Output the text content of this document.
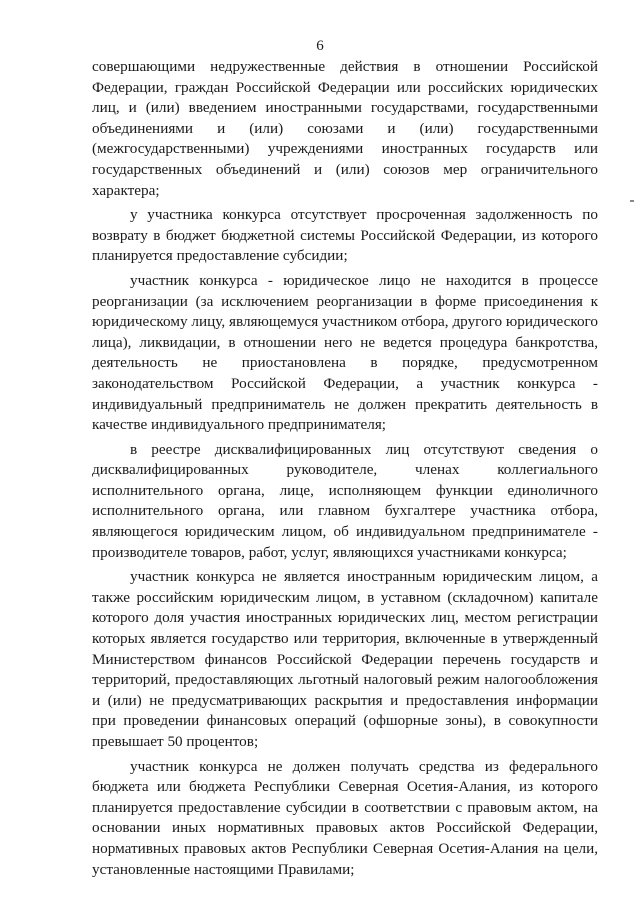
6

совершающими недружественные действия в отношении Российской Федерации, граждан Российской Федерации или российских юридических лиц, и (или) введением иностранными государствами, государственными объединениями и (или) союзами и (или) государственными (межгосударственными) учреждениями иностранных государств или государственных объединений и (или) союзов мер ограничительного характера;

у участника конкурса отсутствует просроченная задолженность по возврату в бюджет бюджетной системы Российской Федерации, из которого планируется предоставление субсидии;

участник конкурса - юридическое лицо не находится в процессе реорганизации (за исключением реорганизации в форме присоединения к юридическому лицу, являющемуся участником отбора, другого юридического лица), ликвидации, в отношении него не ведется процедура банкротства, деятельность не приостановлена в порядке, предусмотренном законодательством Российской Федерации, а участник конкурса - индивидуальный предприниматель не должен прекратить деятельность в качестве индивидуального предпринимателя;

в реестре дисквалифицированных лиц отсутствуют сведения о дисквалифицированных руководителе, членах коллегиального исполнительного органа, лице, исполняющем функции единоличного исполнительного органа, или главном бухгалтере участника отбора, являющегося юридическим лицом, об индивидуальном предпринимателе - производителе товаров, работ, услуг, являющихся участниками конкурса;

участник конкурса не является иностранным юридическим лицом, а также российским юридическим лицом, в уставном (складочном) капитале которого доля участия иностранных юридических лиц, местом регистрации которых является государство или территория, включенные в утвержденный Министерством финансов Российской Федерации перечень государств и территорий, предоставляющих льготный налоговый режим налогообложения и (или) не предусматривающих раскрытия и предоставления информации при проведении финансовых операций (офшорные зоны), в совокупности превышает 50 процентов;

участник конкурса не должен получать средства из федерального бюджета или бюджета Республики Северная Осетия-Алания, из которого планируется предоставление субсидии в соответствии с правовым актом, на основании иных нормативных правовых актов Российской Федерации, нормативных правовых актов Республики Северная Осетия-Алания на цели, установленные настоящими Правилами;
